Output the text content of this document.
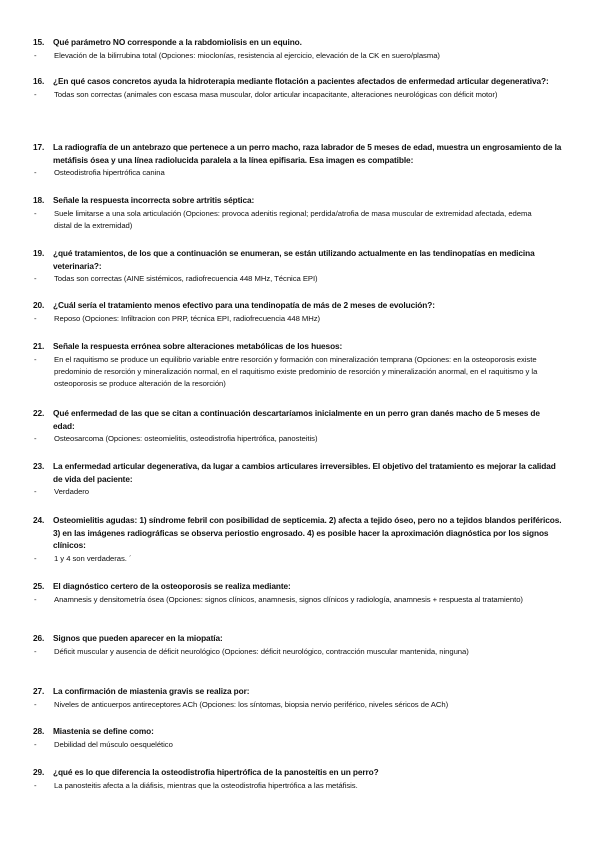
15.	Qué parámetro NO corresponde a la rabdomiolisis en un equino.
-	Elevación de la bilirrubina total (Opciones: mioclonías, resistencia al ejercicio, elevación de la CK en suero/plasma)
16.	¿En qué casos concretos ayuda la hidroterapia mediante flotación a pacientes afectados de enfermedad articular degenerativa?:
-	Todas son correctas (animales con escasa masa muscular, dolor articular incapacitante, alteraciones neurológicas con déficit motor)
17.	La radiografía de un antebrazo que pertenece a un perro macho, raza labrador de 5 meses de edad, muestra un engrosamiento de la metáfisis ósea y una línea radiolucida paralela a la línea epifisaria. Esa imagen es compatible:
-	Osteodistrofia hipertrófica canina
18.	Señale la respuesta incorrecta sobre artritis séptica:
-	Suele limitarse a una sola articulación (Opciones: provoca adenitis regional; perdida/atrofia de masa muscular de extremidad afectada, edema distal de la extremidad)
19.	¿qué tratamientos, de los que a continuación se enumeran, se están utilizando actualmente en las tendinopatías en medicina veterinaria?:
-	Todas son correctas (AINE sistémicos, radiofrecuencia 448 MHz, Técnica EPI)
20.	¿Cuál sería el tratamiento menos efectivo para una tendinopatía de más de 2 meses de evolución?:
-	Reposo (Opciones: Infiltracion con PRP, técnica EPI, radiofrecuencia 448 MHz)
21.	Señale la respuesta errónea sobre alteraciones metabólicas de los huesos:
-	En el raquitismo se produce un equilibrio variable entre resorción y formación con mineralización temprana (Opciones: en la osteoporosis existe predominio de resorción y mineralización normal, en el raquitismo existe predominio de resorción y mineralización anormal, en el raquitismo y la osteoporosis se produce alteración de la resorción)
22.	Qué enfermedad de las que se citan a continuación descartaríamos inicialmente en un perro gran danés macho de 5 meses de edad:
-	Osteosarcoma (Opciones: osteomielitis, osteodistrofia hipertrófica, panosteitis)
23.	La enfermedad articular degenerativa, da lugar a cambios articulares irreversibles. El objetivo del tratamiento es mejorar la calidad de vida del paciente:
-	Verdadero
24.	Osteomielitis agudas: 1) síndrome febril con posibilidad de septicemia. 2) afecta a tejido óseo, pero no a tejidos blandos periféricos. 3) en las imágenes radiográficas se observa periostio engrosado. 4) es posible hacer la aproximación diagnóstica por los signos clínicos:
-	1 y 4 son verdaderas. ´
25.	El diagnóstico certero de la osteoporosis se realiza mediante:
-	Anamnesis y densitometría ósea (Opciones: signos clínicos, anamnesis, signos clínicos y radiología, anamnesis + respuesta al tratamiento)
26.	Signos que pueden aparecer en la miopatía:
-	Déficit muscular y ausencia de déficit neurológico (Opciones: déficit neurológico, contracción muscular mantenida, ninguna)
27.	La confirmación de miastenia gravis se realiza por:
-	Niveles de anticuerpos antireceptores ACh (Opciones: los síntomas, biopsia nervio periférico, niveles séricos de ACh)
28.	Miastenia se define como:
-	Debilidad del músculo oesquelético
29.	¿qué es lo que diferencia la osteodistrofia hipertrófica de la panosteítis en un perro?
-	La panosteitis afecta a la diáfisis, mientras que la osteodistrofia hipertrófica a las metáfisis.
